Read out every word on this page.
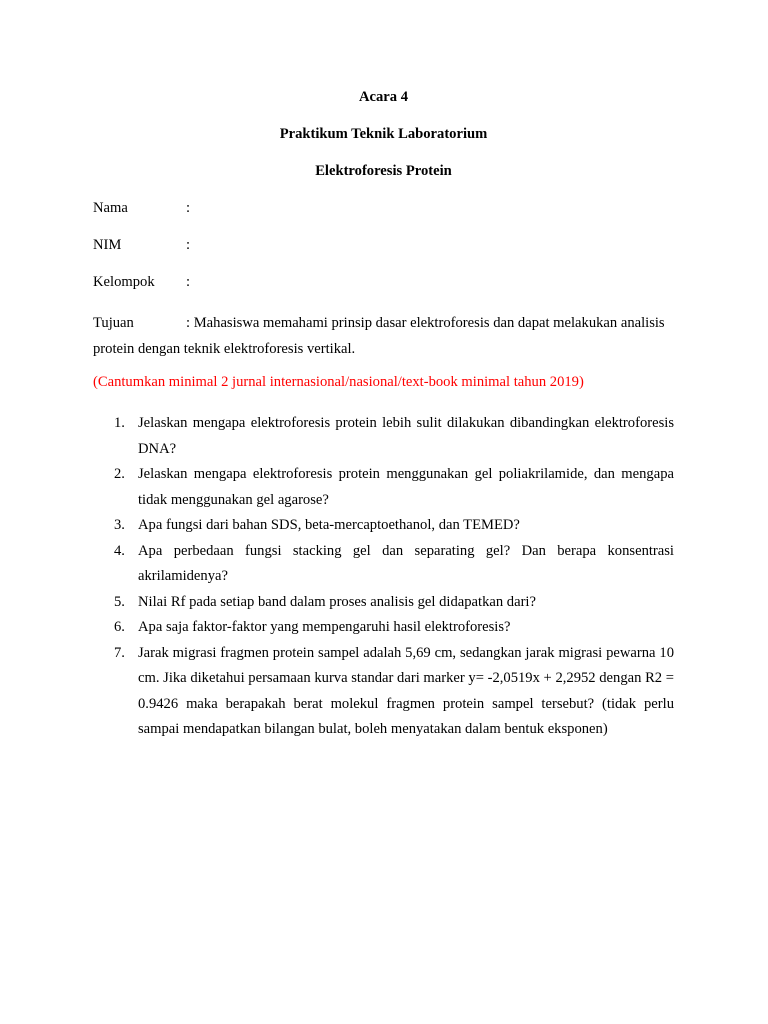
Acara 4
Praktikum Teknik Laboratorium
Elektroforesis Protein
Nama	:
NIM	:
Kelompok :
Tujuan	: Mahasiswa memahami prinsip dasar elektroforesis dan dapat melakukan analisis protein dengan teknik elektroforesis vertikal.
(Cantumkan minimal 2 jurnal internasional/nasional/text-book minimal tahun 2019)
1. Jelaskan mengapa elektroforesis protein lebih sulit dilakukan dibandingkan elektroforesis DNA?
2. Jelaskan mengapa elektroforesis protein menggunakan gel poliakrilamide, dan mengapa tidak menggunakan gel agarose?
3. Apa fungsi dari bahan SDS, beta-mercaptoethanol, dan TEMED?
4. Apa perbedaan fungsi stacking gel dan separating gel? Dan berapa konsentrasi akrilamidenya?
5. Nilai Rf pada setiap band dalam proses analisis gel didapatkan dari?
6. Apa saja faktor-faktor yang mempengaruhi hasil elektroforesis?
7. Jarak migrasi fragmen protein sampel adalah 5,69 cm, sedangkan jarak migrasi pewarna 10 cm. Jika diketahui persamaan kurva standar dari marker y= -2,0519x + 2,2952 dengan R2 = 0.9426 maka berapakah berat molekul fragmen protein sampel tersebut? (tidak perlu sampai mendapatkan bilangan bulat, boleh menyatakan dalam bentuk eksponen)
